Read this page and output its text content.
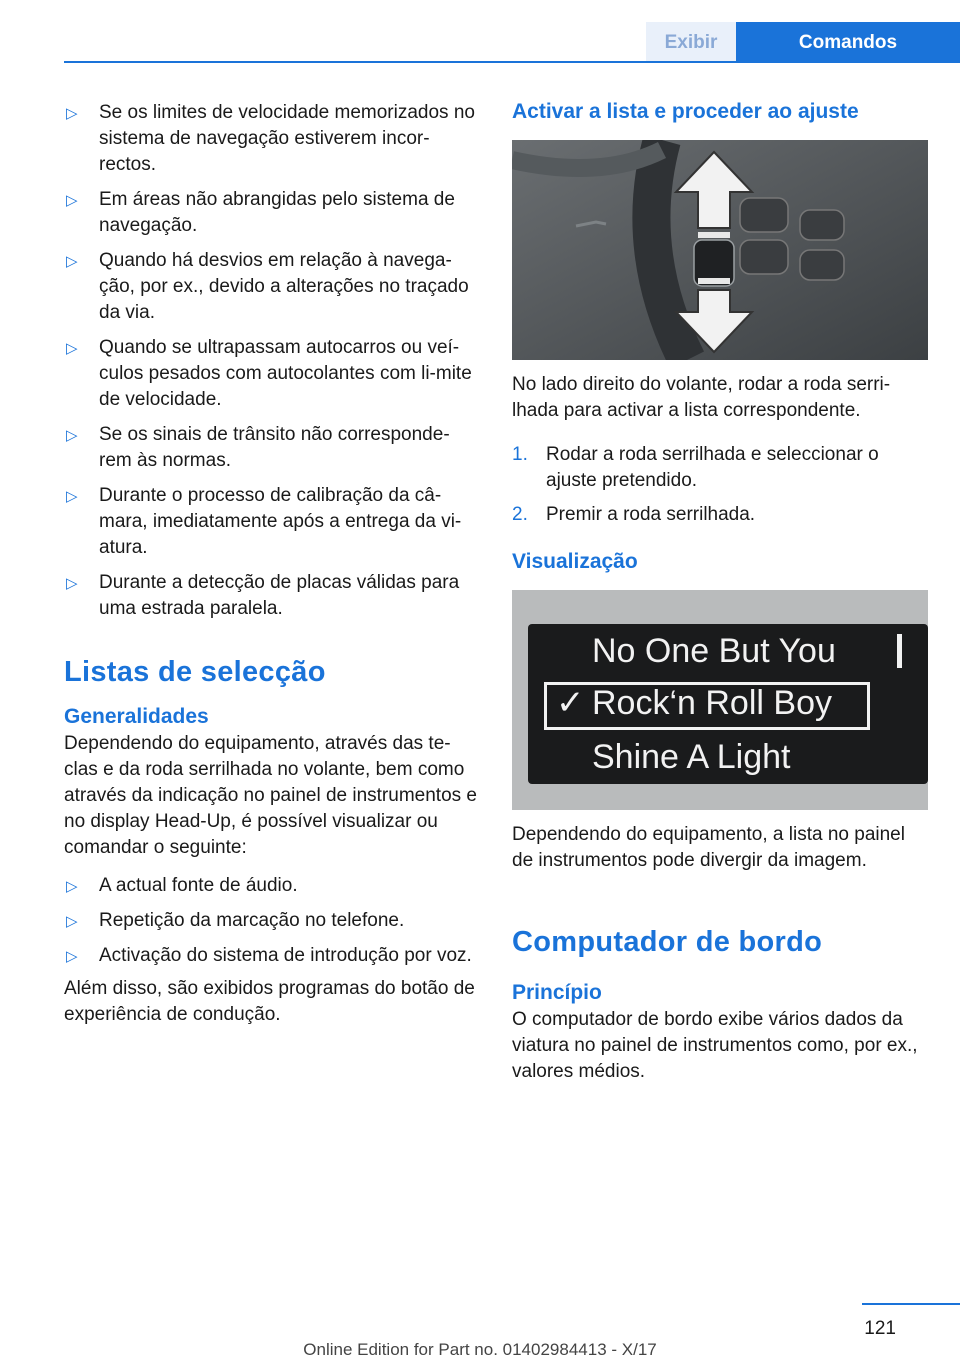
Exibir	Comandos
▷ Se os limites de velocidade memorizados no sistema de navegação estiverem incor-rectos.
▷ Em áreas não abrangidas pelo sistema de navegação.
▷ Quando há desvios em relação à navega-ção, por ex., devido a alterações no traçado da via.
▷ Quando se ultrapassam autocarros ou veí-culos pesados com autocolantes com li-mite de velocidade.
▷ Se os sinais de trânsito não corresponde-rem às normas.
▷ Durante o processo de calibração da câ-mara, imediatamente após a entrega da vi-atura.
▷ Durante a detecção de placas válidas para uma estrada paralela.
Listas de selecção
Generalidades

Dependendo do equipamento, através das te-clas e da roda serrilhada no volante, bem como através da indicação no painel de instrumentos e no display Head-Up, é possível visualizar ou comandar o seguinte:

▷ A actual fonte de áudio.
▷ Repetição da marcação no telefone.
▷ Activação do sistema de introdução por voz.

Além disso, são exibidos programas do botão de experiência de condução.

Activar a lista e proceder ao ajuste

No lado direito do volante, rodar a roda serri-lhada para activar a lista correspondente.

1. Rodar a roda serrilhada e seleccionar o ajuste pretendido.
2. Premir a roda serrilhada.
Visualização
No One But You
✓ Rock‘n Roll Boy
Shine A Light

Dependendo do equipamento, a lista no painel de instrumentos pode divergir da imagem.

Computador de bordo
Princípio

O computador de bordo exibe vários dados da viatura no painel de instrumentos como, por ex., valores médios.

121
Online Edition for Part no. 01402984413 - X/17
